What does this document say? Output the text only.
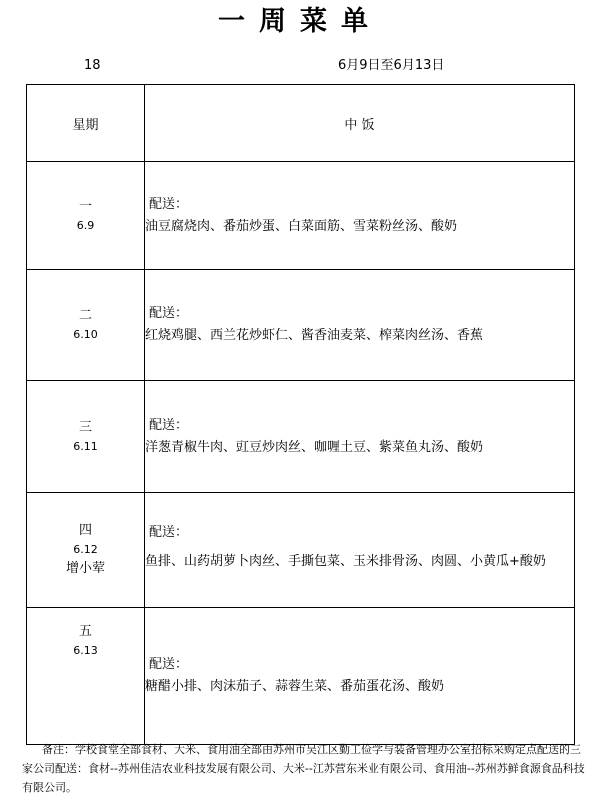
一周菜单
18	6月9日至6月13日
星期	中 饭

一
6.9	配送：
油豆腐烧肉、番茄炒蛋、白菜面筋、雪菜粉丝汤、酸奶

二
6.10	配送：
红烧鸡腿、西兰花炒虾仁、酱香油麦菜、榨菜肉丝汤、香蕉

三
6.11	配送：
洋葱青椒牛肉、豇豆炒肉丝、咖喱土豆、紫菜鱼丸汤、酸奶

四
6.12
增小荤	配送：
鱼排、山药胡萝卜肉丝、手撕包菜、玉米排骨汤、肉圆、小黄瓜+酸奶

五
6.13	配送：
糖醋小排、肉沫茄子、蒜蓉生菜、番茄蛋花汤、酸奶
备注：学校食堂全部食材、大米、食用油全部由苏州市吴江区勤工俭学与装备管理办公室招标采购定点配送的三家公司配送：食材--苏州佳洁农业科技发展有限公司、大米--江苏营东米业有限公司、食用油--苏州苏鲜食源食品科技有限公司。
